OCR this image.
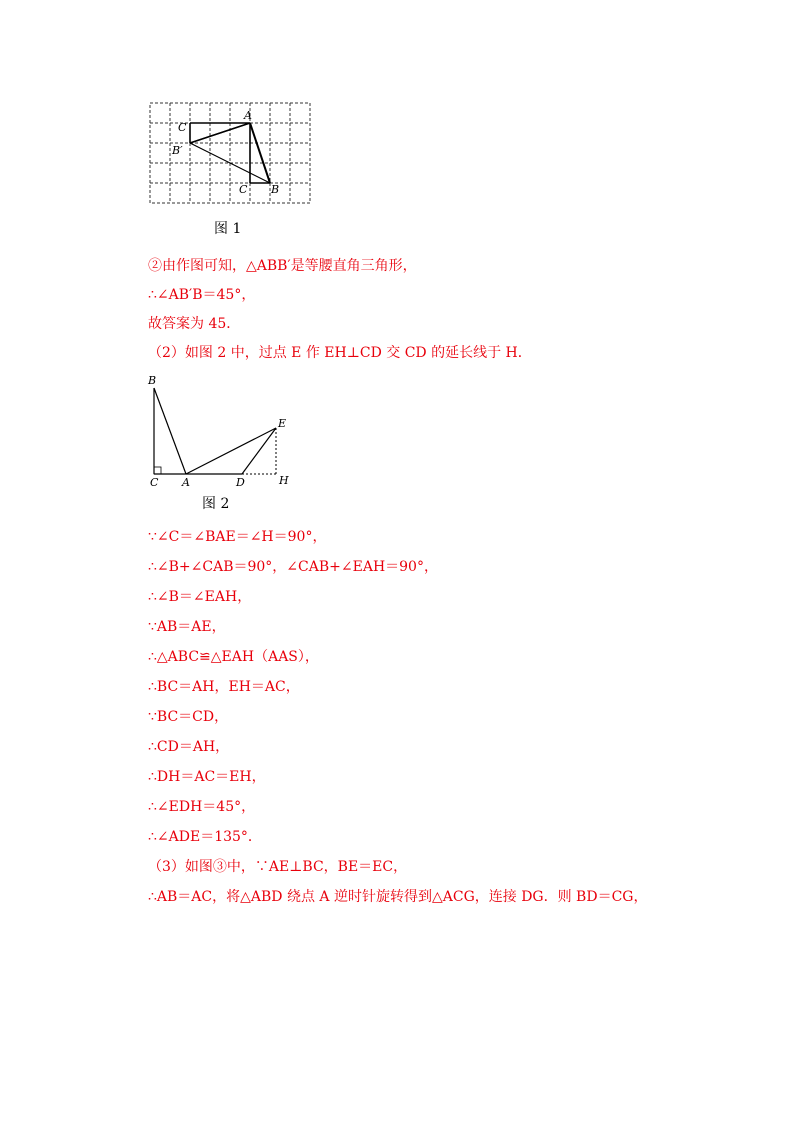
A
C
B′
C B
图 1
B
C A	D
E
H
图 2
②由作图可知，△ABB′是等腰直角三角形，
∴∠AB′B＝45°，
故答案为 45．
（2）如图 2 中，过点 E 作 EH⊥CD 交 CD 的延长线于 H．
∵∠C＝∠BAE＝∠H＝90°，
∴∠B+∠CAB＝90°，∠CAB+∠EAH＝90°，
∴∠B＝∠EAH，
∵AB＝AE，
∴△ABC≌△EAH（AAS），
∴BC＝AH，EH＝AC，
∵BC＝CD，
∴CD＝AH，
∴DH＝AC＝EH，
∴∠EDH＝45°，
∴∠ADE＝135°．
（3）如图③中，∵AE⊥BC，BE＝EC，
∴AB＝AC，将△ABD 绕点 A 逆时针旋转得到△ACG，连接 DG．则 BD＝CG，
